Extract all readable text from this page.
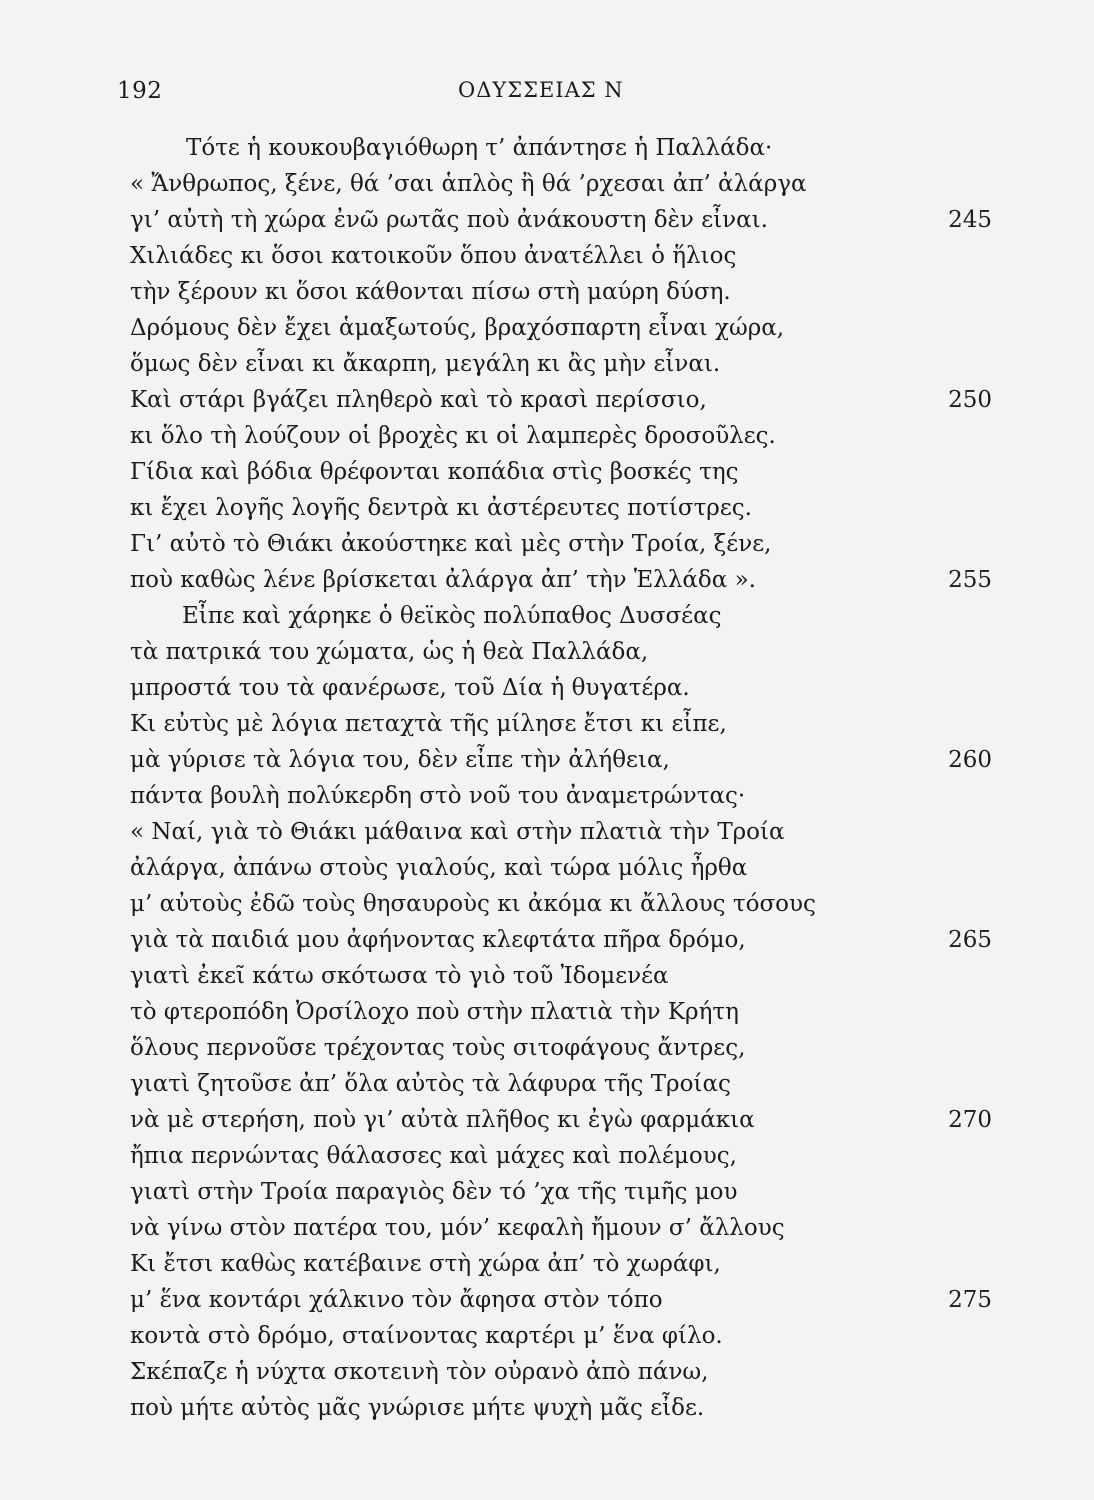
192	ΟΔΥΣΣΕΙΑΣ Ν
Τότε ἡ κουκουβαγιόθωρη τ’ ἀπάντησε ἡ Παλλάδα·
« Ἄνθρωπος, ξένε, θά ’σαι ἁπλὸς ἢ θά ’ρχεσαι ἀπ’ ἀλάργα
γι’ αὐτὴ τὴ χώρα ἐνῶ ρωτᾶς ποὺ ἀνάκουστη δὲν εἶναι.	245
Χιλιάδες κι ὅσοι κατοικοῦν ὅπου ἀνατέλλει ὁ ἥλιος
τὴν ξέρουν κι ὅσοι κάθονται πίσω στὴ μαύρη δύση.
Δρόμους δὲν ἔχει ἁμαξωτούς, βραχόσπαρτη εἶναι χώρα,
ὅμως δὲν εἶναι κι ἄκαρπη, μεγάλη κι ἂς μὴν εἶναι.
Καὶ στάρι βγάζει πληθερὸ καὶ τὸ κρασὶ περίσσιο,	250
κι ὅλο τὴ λούζουν οἱ βροχὲς κι οἱ λαμπερὲς δροσοῦλες.
Γίδια καὶ βόδια θρέφονται κοπάδια στὶς βοσκές της
κι ἔχει λογῆς λογῆς δεντρὰ κι ἀστέρευτες ποτίστρες.
Γι’ αὐτὸ τὸ Θιάκι ἀκούστηκε καὶ μὲς στὴν Τροία, ξένε,
ποὺ καθὼς λένε βρίσκεται ἀλάργα ἀπ’ τὴν Ἑλλάδα ».	255
Εἶπε καὶ χάρηκε ὁ θεϊκὸς πολύπαθος Δυσσέας
τὰ πατρικά του χώματα, ὡς ἡ θεὰ Παλλάδα,
μπροστά του τὰ φανέρωσε, τοῦ Δία ἡ θυγατέρα.
Κι εὐτὺς μὲ λόγια πεταχτὰ τῆς μίλησε ἔτσι κι εἶπε,
μὰ γύρισε τὰ λόγια του, δὲν εἶπε τὴν ἀλήθεια,	260
πάντα βουλὴ πολύκερδη στὸ νοῦ του ἀναμετρώντας·
« Ναί, γιὰ τὸ Θιάκι μάθαινα καὶ στὴν πλατιὰ τὴν Τροία
ἀλάργα, ἀπάνω στοὺς γιαλούς, καὶ τώρα μόλις ἦρθα
μ’ αὐτοὺς ἐδῶ τοὺς θησαυροὺς κι ἀκόμα κι ἄλλους τόσους
γιὰ τὰ παιδιά μου ἀφήνοντας κλεφτάτα πῆρα δρόμο,	265
γιατὶ ἐκεῖ κάτω σκότωσα τὸ γιὸ τοῦ Ἰδομενέα
τὸ φτεροπόδη Ὀρσίλοχο ποὺ στὴν πλατιὰ τὴν Κρήτη
ὅλους περνοῦσε τρέχοντας τοὺς σιτοφάγους ἄντρες,
γιατὶ ζητοῦσε ἀπ’ ὅλα αὐτὸς τὰ λάφυρα τῆς Τροίας
νὰ μὲ στερήση, ποὺ γι’ αὐτὰ πλῆθος κι ἐγὼ φαρμάκια	270
ἤπια περνώντας θάλασσες καὶ μάχες καὶ πολέμους,
γιατὶ στὴν Τροία παραγιὸς δὲν τό ’χα τῆς τιμῆς μου
νὰ γίνω στὸν πατέρα του, μόν’ κεφαλὴ ἤμουν σ’ ἄλλους
Κι ἔτσι καθὼς κατέβαινε στὴ χώρα ἀπ’ τὸ χωράφι,
μ’ ἕνα κοντάρι χάλκινο τὸν ἄφησα στὸν τόπο	275
κοντὰ στὸ δρόμο, σταίνοντας καρτέρι μ’ ἕνα φίλο.
Σκέπαζε ἡ νύχτα σκοτεινὴ τὸν οὐρανὸ ἀπὸ πάνω,
ποὺ μήτε αὐτὸς μᾶς γνώρισε μήτε ψυχὴ μᾶς εἶδε.
